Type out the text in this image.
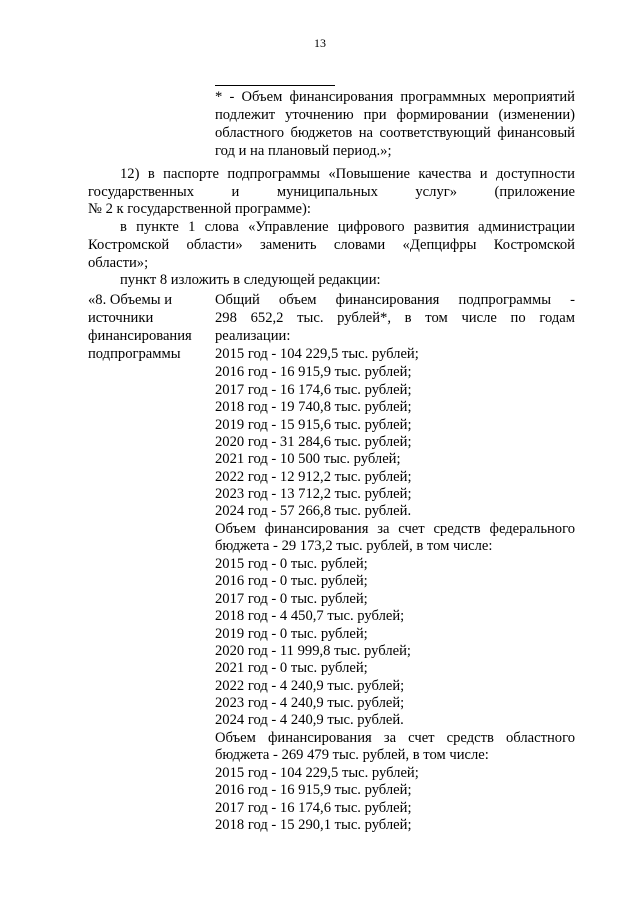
13
* - Объем финансирования программных мероприятий
подлежит уточнению при формировании (изменении)
областного бюджетов на соответствующий финансовый
год и на плановый период.»;
12) в паспорте подпрограммы «Повышение качества и доступности
государственных и муниципальных услуг» (приложение
№ 2 к государственной программе):
в пункте 1 слова «Управление цифрового развития администрации
Костромской области» заменить словами «Депцифры Костромской
области»;
пункт 8 изложить в следующей редакции:
«8. Объемы и
источники
финансирования
подпрограммы
Общий объем финансирования подпрограммы -
298 652,2 тыс. рублей*, в том числе по годам
реализации:
2015 год - 104 229,5 тыс. рублей;
2016 год - 16 915,9 тыс. рублей;
2017 год - 16 174,6 тыс. рублей;
2018 год - 19 740,8 тыс. рублей;
2019 год - 15 915,6 тыс. рублей;
2020 год - 31 284,6 тыс. рублей;
2021 год - 10 500 тыс. рублей;
2022 год - 12 912,2 тыс. рублей;
2023 год - 13 712,2 тыс. рублей;
2024 год - 57 266,8 тыс. рублей.
Объем финансирования за счет средств федерального
бюджета - 29 173,2 тыс. рублей, в том числе:
2015 год - 0 тыс. рублей;
2016 год - 0 тыс. рублей;
2017 год - 0 тыс. рублей;
2018 год - 4 450,7 тыс. рублей;
2019 год - 0 тыс. рублей;
2020 год - 11 999,8 тыс. рублей;
2021 год - 0 тыс. рублей;
2022 год - 4 240,9 тыс. рублей;
2023 год - 4 240,9 тыс. рублей;
2024 год - 4 240,9 тыс. рублей.
Объем финансирования за счет средств областного
бюджета - 269 479 тыс. рублей, в том числе:
2015 год - 104 229,5 тыс. рублей;
2016 год - 16 915,9 тыс. рублей;
2017 год - 16 174,6 тыс. рублей;
2018 год - 15 290,1 тыс. рублей;
